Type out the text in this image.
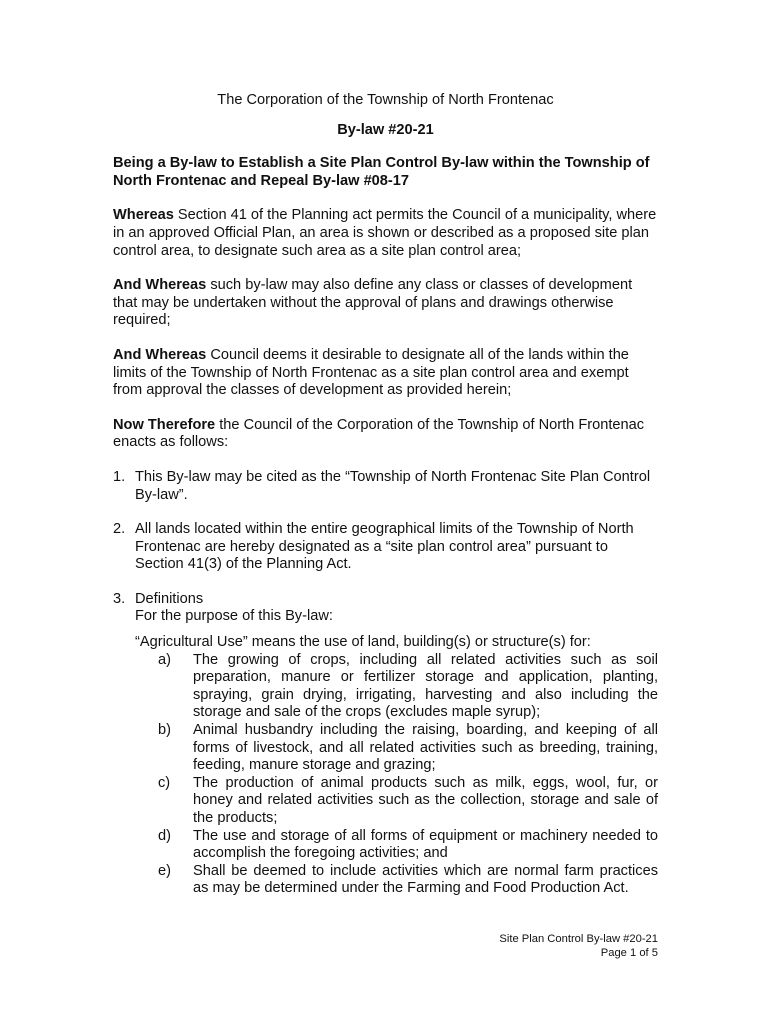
The Corporation of the Township of North Frontenac
By-law #20-21
Being a By-law to Establish a Site Plan Control By-law within the Township of North Frontenac and Repeal By-law #08-17
Whereas Section 41 of the Planning act permits the Council of a municipality, where in an approved Official Plan, an area is shown or described as a proposed site plan control area, to designate such area as a site plan control area;
And Whereas such by-law may also define any class or classes of development that may be undertaken without the approval of plans and drawings otherwise required;
And Whereas Council deems it desirable to designate all of the lands within the limits of the Township of North Frontenac as a site plan control area and exempt from approval the classes of development as provided herein;
Now Therefore the Council of the Corporation of the Township of North Frontenac enacts as follows:
1. This By-law may be cited as the “Township of North Frontenac Site Plan Control By-law”.
2. All lands located within the entire geographical limits of the Township of North Frontenac are hereby designated as a “site plan control area” pursuant to Section 41(3) of the Planning Act.
3. Definitions
For the purpose of this By-law:
“Agricultural Use” means the use of land, building(s) or structure(s) for:
a) The growing of crops, including all related activities such as soil preparation, manure or fertilizer storage and application, planting, spraying, grain drying, irrigating, harvesting and also including the storage and sale of the crops (excludes maple syrup);
b) Animal husbandry including the raising, boarding, and keeping of all forms of livestock, and all related activities such as breeding, training, feeding, manure storage and grazing;
c) The production of animal products such as milk, eggs, wool, fur, or honey and related activities such as the collection, storage and sale of the products;
d) The use and storage of all forms of equipment or machinery needed to accomplish the foregoing activities; and
e) Shall be deemed to include activities which are normal farm practices as may be determined under the Farming and Food Production Act.
Site Plan Control By-law #20-21
Page 1 of 5
